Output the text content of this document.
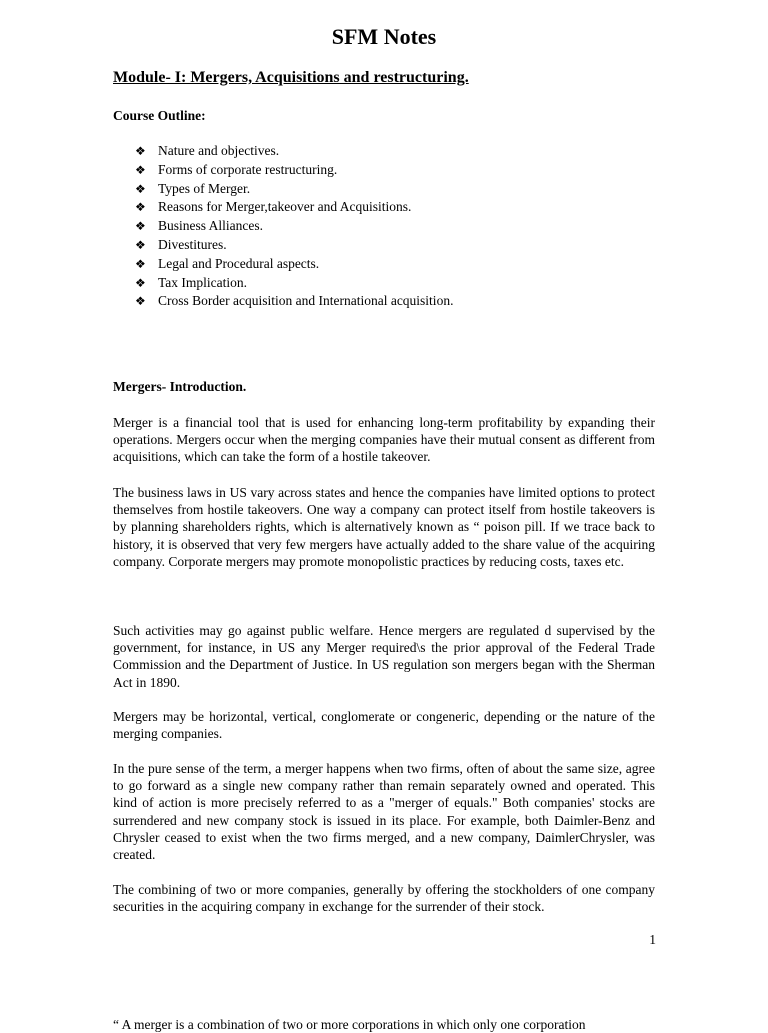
SFM Notes
Module- I: Mergers, Acquisitions and restructuring.
Course Outline:
❖ Nature and objectives.
❖ Forms of corporate restructuring.
❖ Types of Merger.
❖ Reasons for Merger,takeover and Acquisitions.
❖ Business Alliances.
❖ Divestitures.
❖ Legal and Procedural aspects.
❖ Tax Implication.
❖ Cross Border acquisition and International acquisition.
Mergers- Introduction.

Merger is a financial tool that is used for enhancing long-term profitability by expanding their operations. Mergers occur when the merging companies have their mutual consent as different from acquisitions, which can take the form of a hostile takeover.

The business laws in US vary across states and hence the companies have limited options to protect themselves from hostile takeovers. One way a company can protect itself from hostile takeovers is by planning shareholders rights, which is alternatively known as “ poison pill. If we trace back to history, it is observed that very few mergers have actually added to the share value of the acquiring company. Corporate mergers may promote monopolistic practices by reducing costs, taxes etc.

Such activities may go against public welfare. Hence mergers are regulated d supervised by the government, for instance, in US any Merger required\s the prior approval of the Federal Trade Commission and the Department of Justice. In US regulation son mergers began with the Sherman Act in 1890.

Mergers may be horizontal, vertical, conglomerate or congeneric, depending or the nature of the merging companies.

In the pure sense of the term, a merger happens when two firms, often of about the same size, agree to go forward as a single new company rather than remain separately owned and operated. This kind of action is more precisely referred to as a "merger of equals." Both companies' stocks are surrendered and new company stock is issued in its place. For example, both Daimler-Benz and Chrysler ceased to exist when the two firms merged, and a new company, DaimlerChrysler, was created.

The combining of two or more companies, generally by offering the stockholders of one company securities in the acquiring company in exchange for the surrender of their stock.

1

“ A merger is a combination of two or more corporations in which only one corporation
